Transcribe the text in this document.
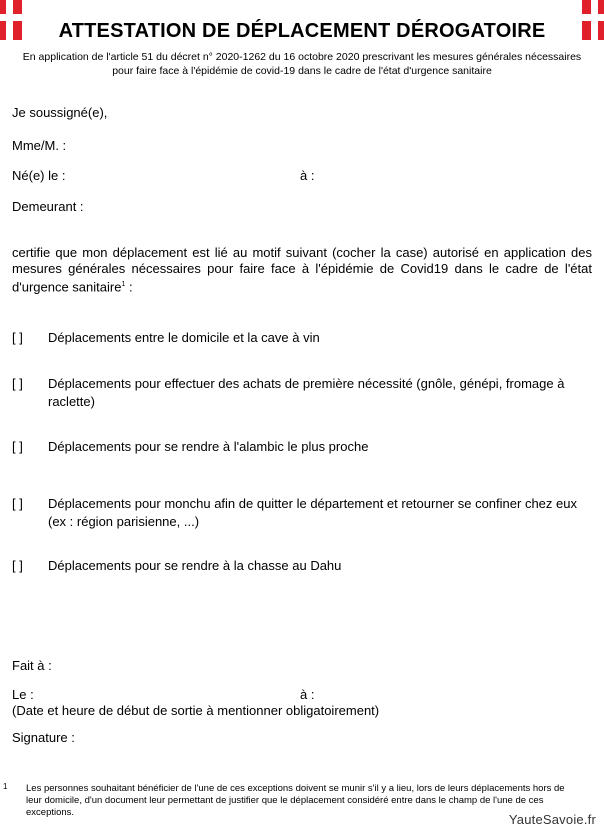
ATTESTATION DE DÉPLACEMENT DÉROGATOIRE
En application de l'article 51 du décret n° 2020-1262 du 16 octobre 2020 prescrivant les mesures générales nécessaires pour faire face à l'épidémie de covid-19 dans le cadre de l'état d'urgence sanitaire
Je soussigné(e),
Mme/M. :
Né(e) le :	à :
Demeurant :
certifie que mon déplacement est lié au motif suivant (cocher la case) autorisé en application des mesures générales nécessaires pour faire face à l'épidémie de Covid19 dans le cadre de l'état d'urgence sanitaire$^1$ :
[ ]	Déplacements entre le domicile et la cave à vin
[ ]	Déplacements pour effectuer des achats de première nécessité (gnôle, génépi, fromage à raclette)
[ ]	Déplacements pour se rendre à l'alambic le plus proche
[ ]	Déplacements pour monchu afin de quitter le département et retourner se confiner chez eux (ex : région parisienne, ...)
[ ]	Déplacements pour se rendre à la chasse au Dahu
Fait à :
Le :	à :
(Date et heure de début de sortie à mentionner obligatoirement)
Signature :
1 Les personnes souhaitant bénéficier de l'une de ces exceptions doivent se munir s'il y a lieu, lors de leurs déplacements hors de leur domicile, d'un document leur permettant de justifier que le déplacement considéré entre dans le champ de l'une de ces exceptions.	YauteSavoie.fr
